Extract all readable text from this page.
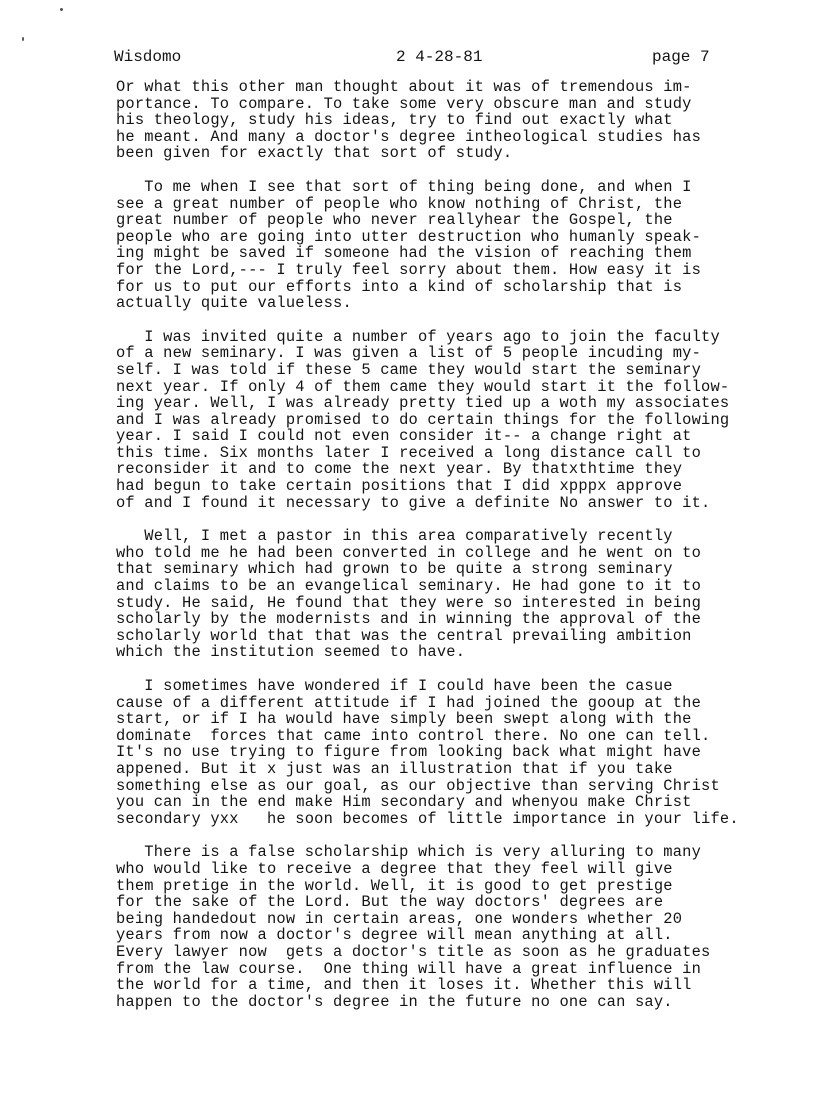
Wisdomo	2 4-28-81	page 7
Or what this other man thought about it was of tremendous im-
portance. To compare. To take some very obscure man and study
his theology, study his ideas, try to find out exactly what
he meant. And many a doctor's degree intheological studies has
been given for exactly that sort of study.
To me when I see that sort of thing being done, and when I
see a great number of people who know nothing of Christ, the
great number of people who never reallyhear the Gospel, the
people who are going into utter destruction who humanly speak-
ing might be saved if someone had the vision of reaching them
for the Lord,--- I truly feel sorry about them. How easy it is
for us to put our efforts into a kind of scholarship that is
actually quite valueless.
I was invited quite a number of years ago to join the faculty
of a new seminary. I was given a list of 5 people incuding my-
self. I was told if these 5 came they would start the seminary
next year. If only 4 of them came they would start it the follow-
ing year. Well, I was already pretty tied up a woth my associates
and I was already promised to do certain things for the following
year. I said I could not even consider it-- a change right at
this time. Six months later I received a long distance call to
reconsider it and to come the next year. By thatxthtime they
had begun to take certain positions that I did xpppx approve
of and I found it necessary to give a definite No answer to it.
Well, I met a pastor in this area comparatively recently
who told me he had been converted in college and he went on to
that seminary which had grown to be quite a strong seminary
and claims to be an evangelical seminary. He had gone to it to
study. He said, He found that they were so interested in being
scholarly by the modernists and in winning the approval of the
scholarly world that that was the central prevailing ambition
which the institution seemed to have.
I sometimes have wondered if I could have been the casue
cause of a different attitude if I had joined the gooup at the
start, or if I ha would have simply been swept along with the
dominate  forces that came into control there. No one can tell.
It's no use trying to figure from looking back what might have
appened. But it x just was an illustration that if you take
something else as our goal, as our objective than serving Christ
you can in the end make Him secondary and whenyou make Christ
secondary yxx   he soon becomes of little importance in your life.
There is a false scholarship which is very alluring to many
who would like to receive a degree that they feel will give
them pretige in the world. Well, it is good to get prestige
for the sake of the Lord. But the way doctors' degrees are
being handedout now in certain areas, one wonders whether 20
years from now a doctor's degree will mean anything at all.
Every lawyer now  gets a doctor's title as soon as he graduates
from the law course.  One thing will have a great influence in
the world for a time, and then it loses it. Whether this will
happen to the doctor's degree in the future no one can say.
